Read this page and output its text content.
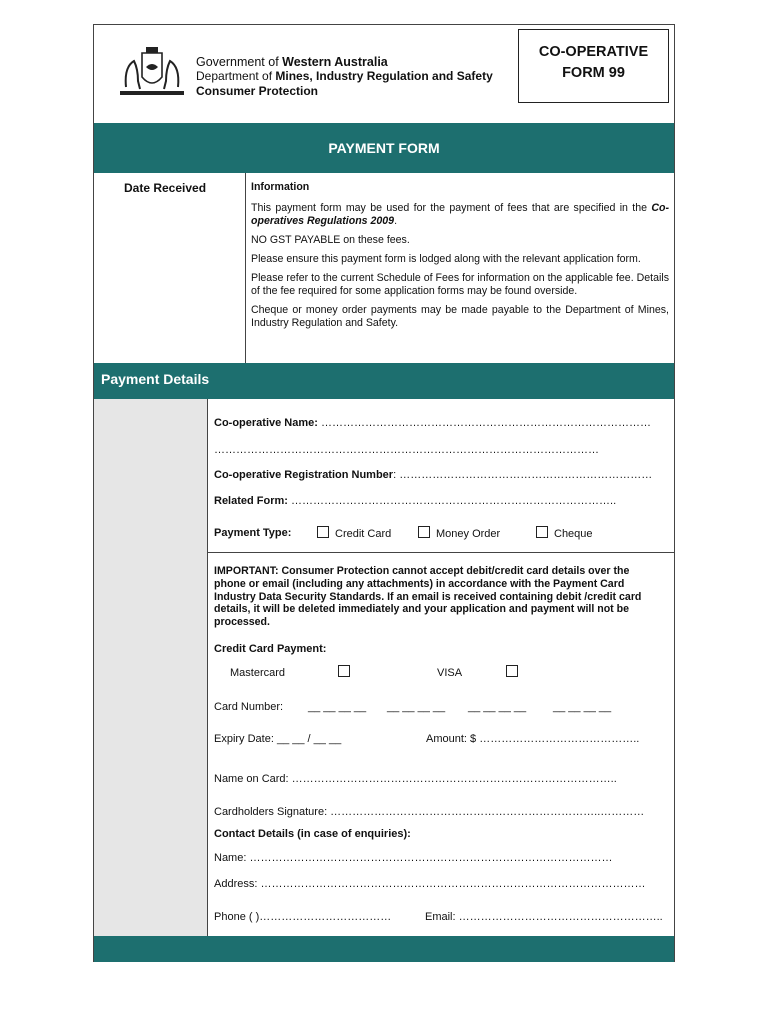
Government of Western Australia
Department of Mines, Industry Regulation and Safety
Consumer Protection
CO-OPERATIVE
FORM 99
PAYMENT FORM
Date Received	Information

This payment form may be used for the payment of fees that are specified in the Co-operatives Regulations 2009.

NO GST PAYABLE on these fees.

Please ensure this payment form is lodged along with the relevant application form.

Please refer to the current Schedule of Fees for information on the applicable fee. Details of the fee required for some application forms may be found overside.

Cheque or money order payments may be made payable to the Department of Mines, Industry Regulation and Safety.

Payment Details
Co-operative Name: ………………………………………………………………………………
……………………………………………………………………………………………
Co-operative Registration Number: ……………………………………………………………
Related Form: ……………………………………………………………………………..
Payment Type:	Credit Card	Money Order	Cheque
IMPORTANT: Consumer Protection cannot accept debit/credit card details over the phone or email (including any attachments) in accordance with the Payment Card Industry Data Security Standards. If an email is received containing debit /credit card details, it will be deleted immediately and your application and payment will not be processed.
Credit Card Payment:
Mastercard	VISA
Card Number: __ __ __ __ __ __ __ __ __ __ __ __ __ __ __ __
Expiry Date: __ __ / __ __	Amount: $ ……………………………………..
Name on Card: ……………………………………………………………………………..
Cardholders Signature: ………………………………………………………………..…………
Contact Details (in case of enquiries):
Name: ………………………………………………………………………………………
Address: ……………………………………………………………………………………………
Phone ( )………………………………	Email: ………………………………………………..
